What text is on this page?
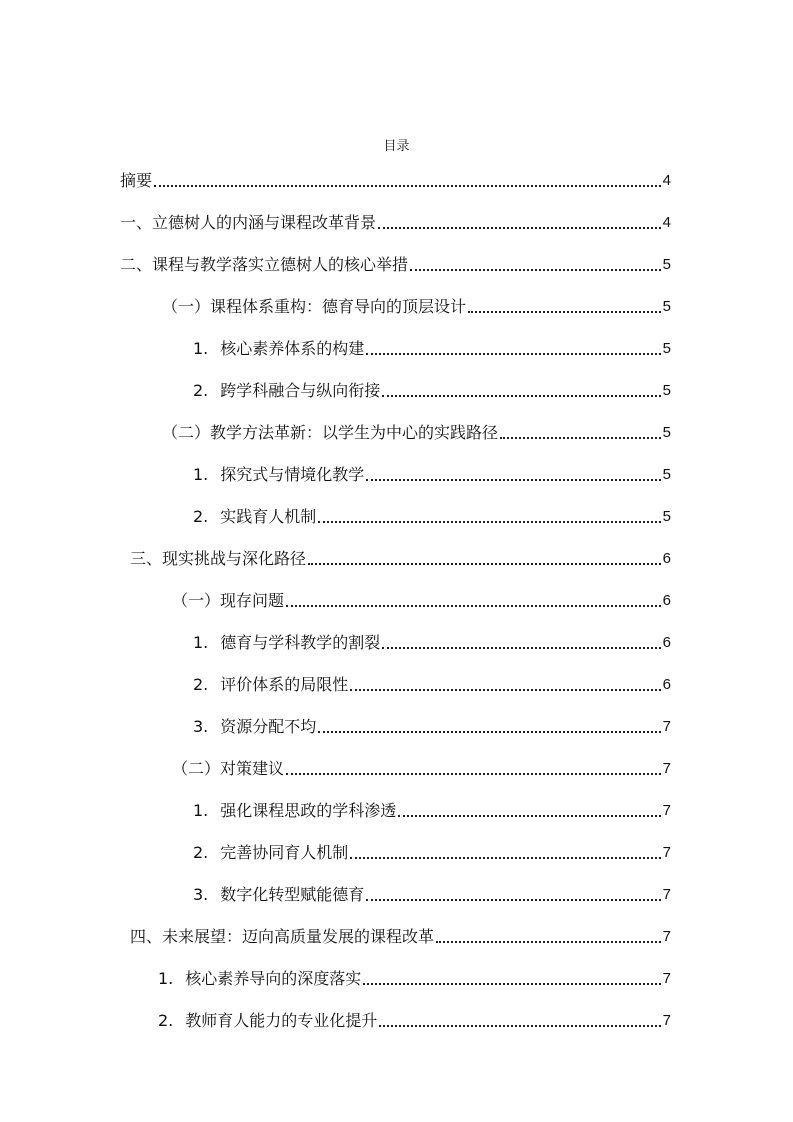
目录
摘要	4
一、立德树人的内涵与课程改革背景	4
二、课程与教学落实立德树人的核心举措	5
（一）课程体系重构：德育导向的顶层设计	5
1. 核心素养体系的构建	5
2. 跨学科融合与纵向衔接	5
（二）教学方法革新：以学生为中心的实践路径	5
1. 探究式与情境化教学	5
2. 实践育人机制	5
三、现实挑战与深化路径	6
（一）现存问题	6
1. 德育与学科教学的割裂	6
2. 评价体系的局限性	6
3. 资源分配不均	7
（二）对策建议	7
1. 强化课程思政的学科渗透	7
2. 完善协同育人机制	7
3. 数字化转型赋能德育	7
四、未来展望：迈向高质量发展的课程改革	7
1. 核心素养导向的深度落实	7
2. 教师育人能力的专业化提升	7
